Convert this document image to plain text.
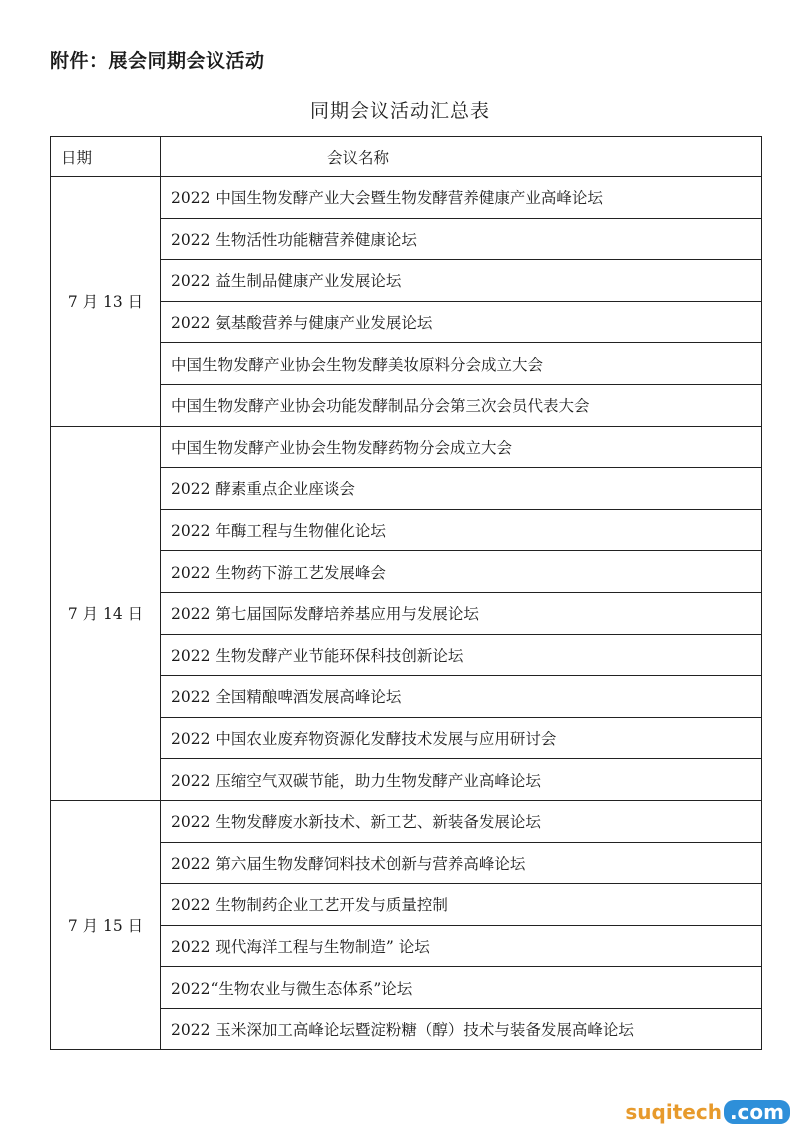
附件：展会同期会议活动
同期会议活动汇总表
日期	会议名称
7 月 13 日	2022 中国生物发酵产业大会暨生物发酵营养健康产业高峰论坛
	2022 生物活性功能糖营养健康论坛
	2022 益生制品健康产业发展论坛
	2022 氨基酸营养与健康产业发展论坛
	中国生物发酵产业协会生物发酵美妆原料分会成立大会
	中国生物发酵产业协会功能发酵制品分会第三次会员代表大会
7 月 14 日	中国生物发酵产业协会生物发酵药物分会成立大会
	2022 酵素重点企业座谈会
	2022 年酶工程与生物催化论坛
	2022 生物药下游工艺发展峰会
	2022 第七届国际发酵培养基应用与发展论坛
	2022 生物发酵产业节能环保科技创新论坛
	2022 全国精酿啤酒发展高峰论坛
	2022 中国农业废弃物资源化发酵技术发展与应用研讨会
	2022 压缩空气双碳节能，助力生物发酵产业高峰论坛
7 月 15 日	2022 生物发酵废水新技术、新工艺、新装备发展论坛
	2022 第六届生物发酵饲料技术创新与营养高峰论坛
	2022 生物制药企业工艺开发与质量控制
	2022 现代海洋工程与生物制造” 论坛
	2022“生物农业与微生态体系”论坛
	2022 玉米深加工高峰论坛暨淀粉糖（醇）技术与装备发展高峰论坛
suqitech .com
